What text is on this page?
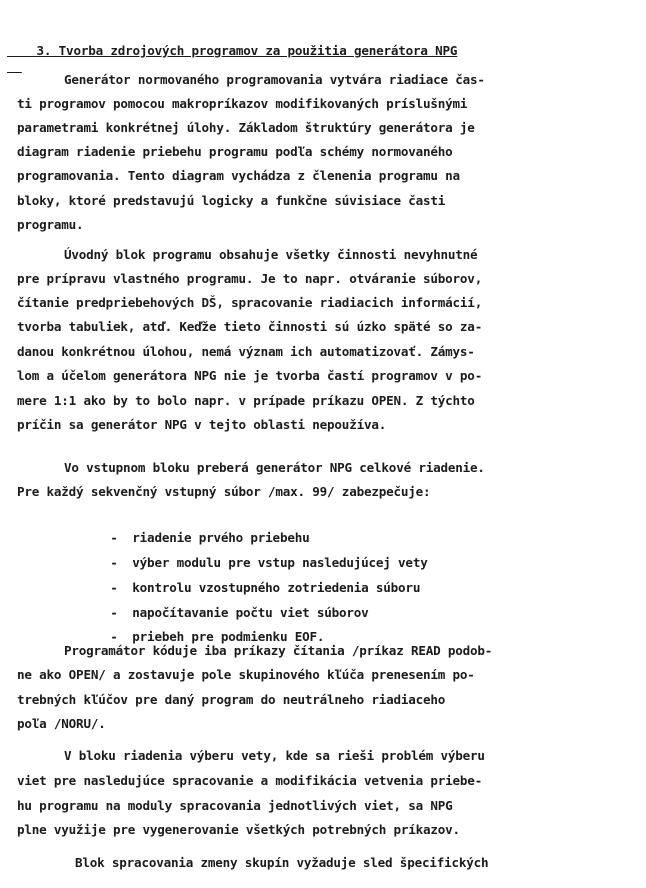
3. Tvorba zdrojových programov za použitia generátora NPG

Generátor normovaného programovania vytvára riadiace čas-
ti programov pomocou makropríkazov modifikovaných príslušnými
parametrami konkrétnej úlohy. Základom štruktúry generátora je
diagram riadenie priebehu programu podľa schémy normovaného
programovania. Tento diagram vychádza z členenia programu na
bloky, ktoré predstavujú logicky a funkčne súvisiace časti
programu.
Úvodný blok programu obsahuje všetky činnosti nevyhnutné
pre prípravu vlastného programu. Je to napr. otváranie súborov,
čítanie predpriebehových DŠ, spracovanie riadiacich informácií,
tvorba tabuliek, atď. Keďže tieto činnosti sú úzko späté so za-
danou konkrétnou úlohou, nemá význam ich automatizovať. Zámys-
lom a účelom generátora NPG nie je tvorba častí programov v po-
mere 1:1 ako by to bolo napr. v prípade príkazu OPEN. Z týchto
príčin sa generátor NPG v tejto oblasti nepoužíva.
Vo vstupnom bloku preberá generátor NPG celkové riadenie.
Pre každý sekvenčný vstupný súbor /max. 99/ zabezpečuje:

- riadenie prvého priebehu

- výber modulu pre vstup nasledujúcej vety

- kontrolu vzostupného zotriedenia súboru

- napočítavanie počtu viet súborov

- priebeh pre podmienku EOF.

Programátor kóduje iba príkazy čítania /príkaz READ podob-
ne ako OPEN/ a zostavuje pole skupinového kľúča prenesením po-
trebných kľúčov pre daný program do neutrálneho riadiaceho
poľa /NORU/.
V bloku riadenia výberu vety, kde sa rieši problém výberu
viet pre nasledujúce spracovanie a modifikácia vetvenia priebe-
hu programu na moduly spracovania jednotlivých viet, sa NPG
plne využije pre vygenerovanie všetkých potrebných príkazov.
Blok spracovania zmeny skupín vyžaduje sled špecifických
